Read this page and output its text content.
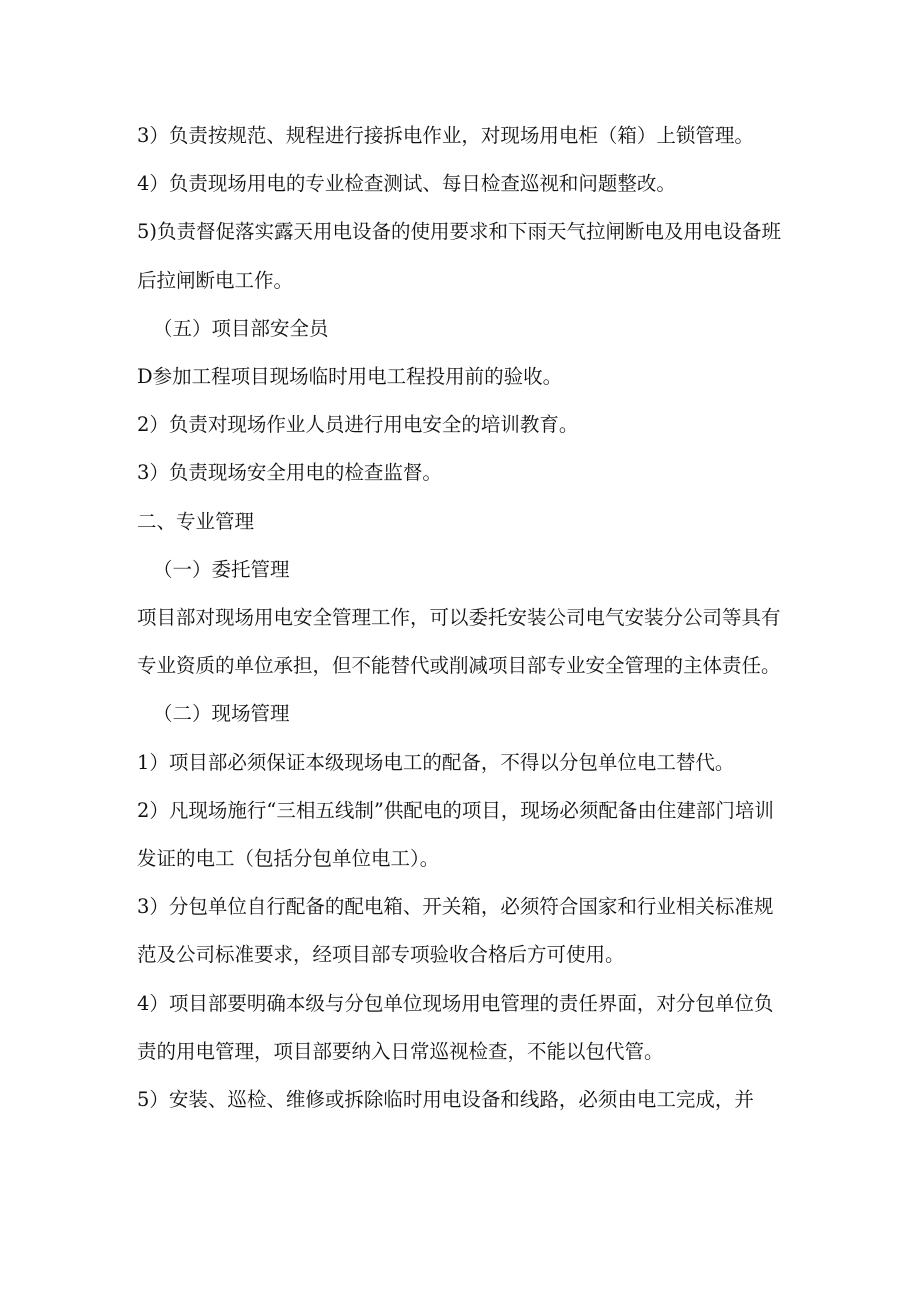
3）负责按规范、规程进行接拆电作业，对现场用电柜（箱）上锁管理。

4）负责现场用电的专业检查测试、每日检查巡视和问题整改。

5)负责督促落实露天用电设备的使用要求和下雨天气拉闸断电及用电设备班后拉闸断电工作。

（五）项目部安全员

D参加工程项目现场临时用电工程投用前的验收。

2）负责对现场作业人员进行用电安全的培训教育。

3）负责现场安全用电的检查监督。

二、专业管理

（一）委托管理

项目部对现场用电安全管理工作，可以委托安装公司电气安装分公司等具有专业资质的单位承担，但不能替代或削减项目部专业安全管理的主体责任。

（二）现场管理

1）项目部必须保证本级现场电工的配备，不得以分包单位电工替代。

2）凡现场施行“三相五线制”供配电的项目，现场必须配备由住建部门培训发证的电工（包括分包单位电工）。

3）分包单位自行配备的配电箱、开关箱，必须符合国家和行业相关标准规范及公司标准要求，经项目部专项验收合格后方可使用。

4）项目部要明确本级与分包单位现场用电管理的责任界面，对分包单位负责的用电管理，项目部要纳入日常巡视检查，不能以包代管。

5）安装、巡检、维修或拆除临时用电设备和线路，必须由电工完成，并
